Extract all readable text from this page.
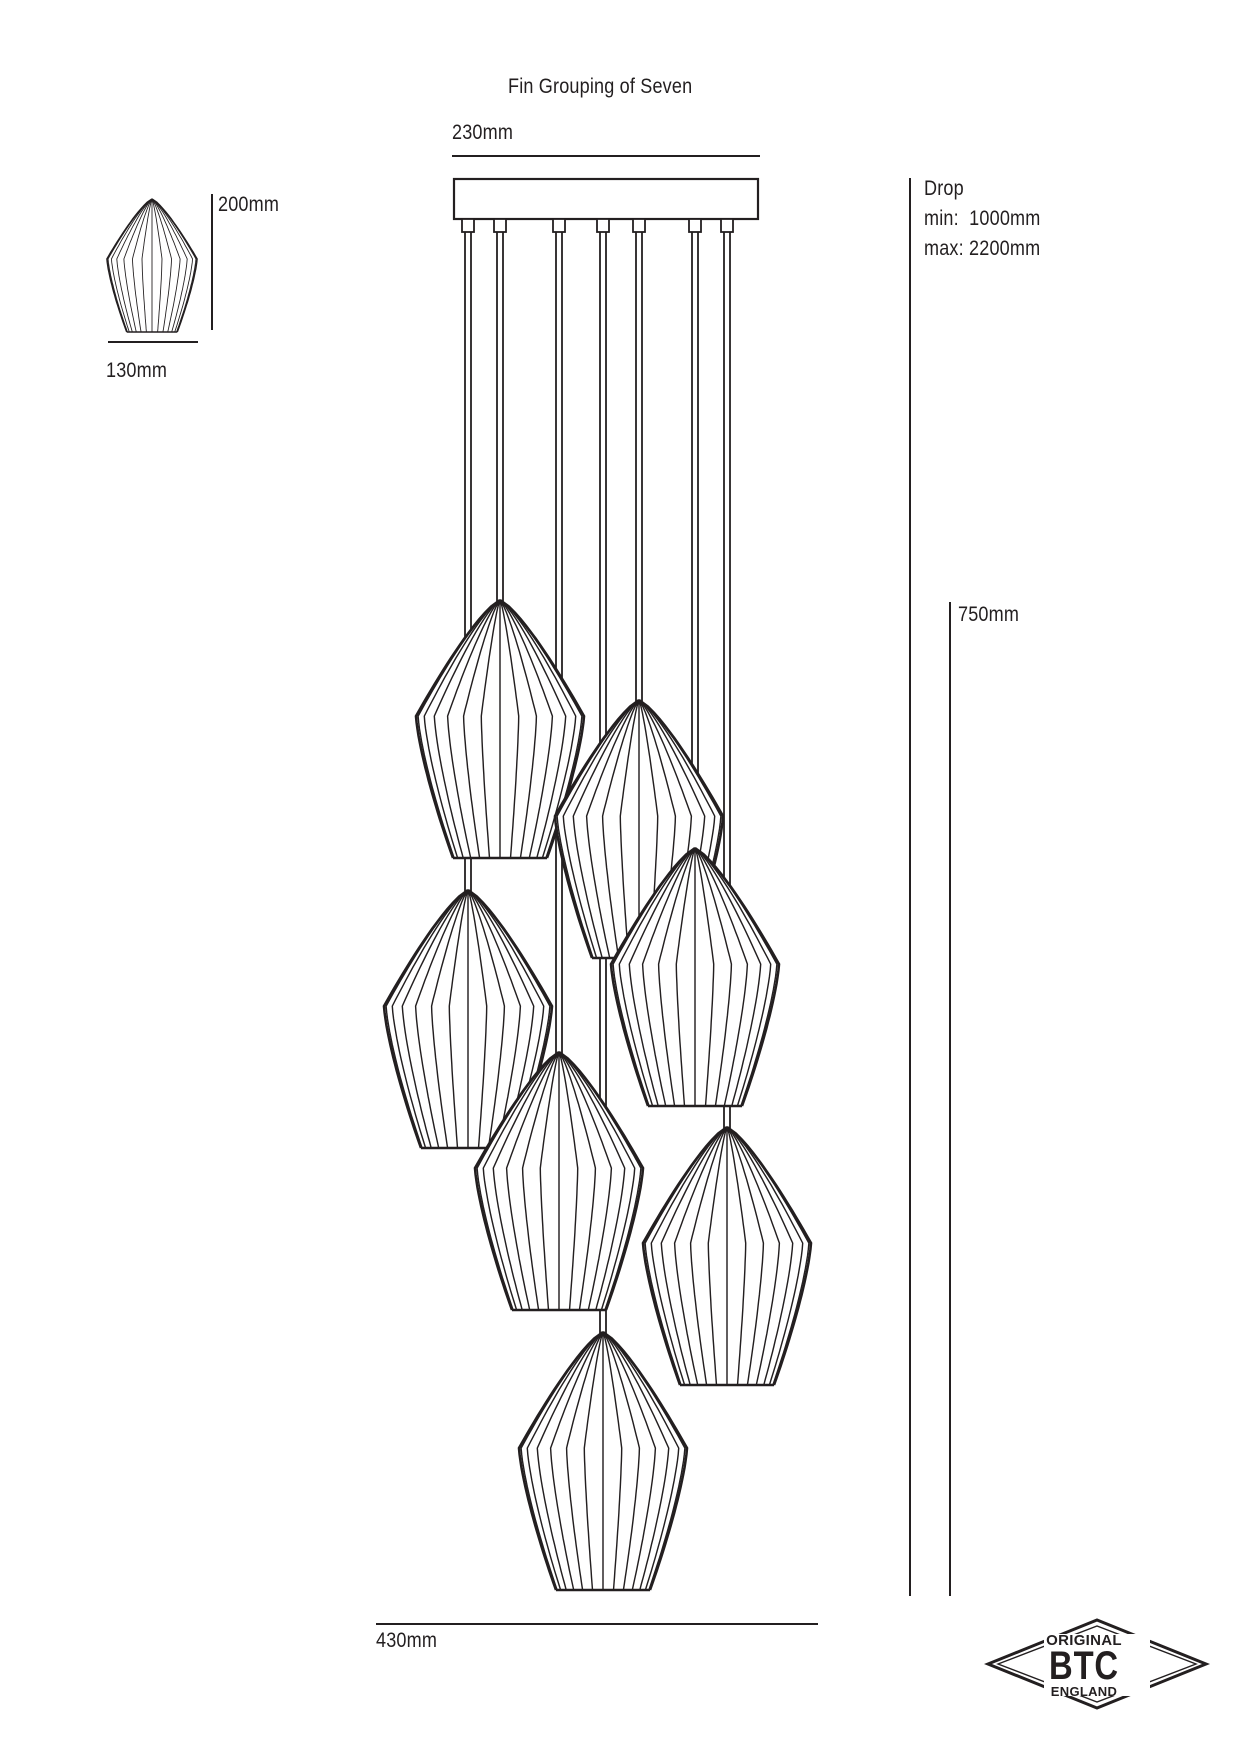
Fin Grouping of Seven
230mm
200mm
130mm
Drop
min:  1000mm
max: 2200mm
750mm
430mm	ORIGINAL
BTC
ENGLAND
